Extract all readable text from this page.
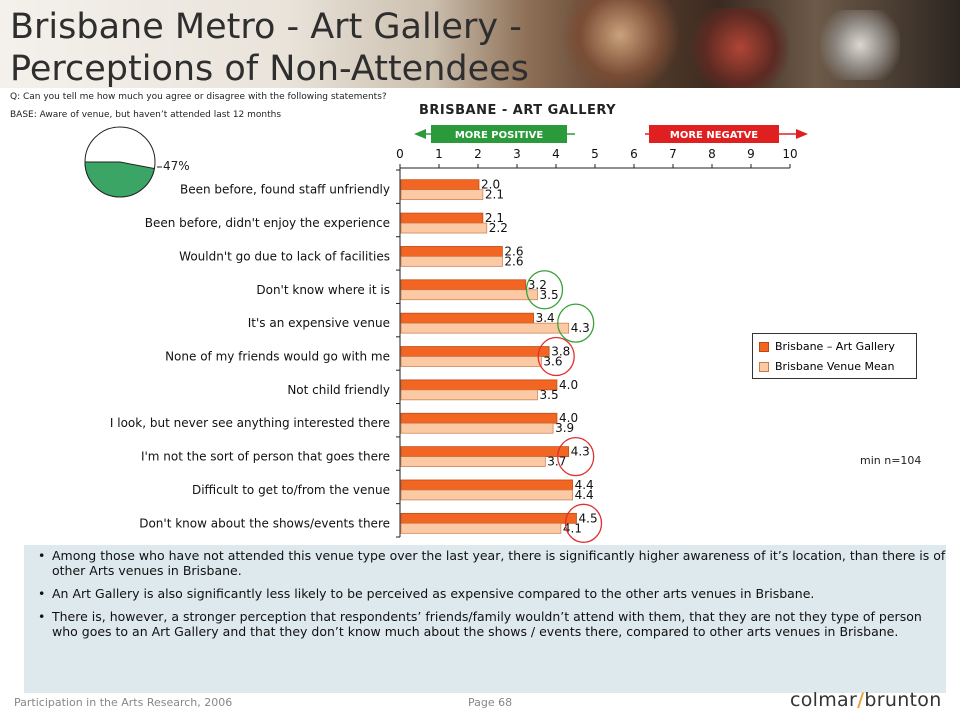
Brisbane Metro - Art Gallery - Perceptions of Non-Attendees
Q: Can you tell me how much you agree or disagree with the following statements?
BASE: Aware of venue, but haven’t attended last 12 months	BRISBANE - ART GALLERY
47%
min n=104
MORE POSITIVE	MORE NEGATVE
0	1	2	3	4	5	6	7	8	9 10
Been before, found staff unfriendly	2.0
2.1
Been before, didn't enjoy the experience	2.1
2.2
Wouldn't go due to lack of facilities	2.6
2.6
Don't know where it is	3.2
3.5
It's an expensive venue	3.4
4.3
None of my friends would go with me	3.8
3.6
Not child friendly	4.0
3.5
I look, but never see anything interested there	4.0
3.9
I'm not the sort of person that goes there	4.3
3.7
Difficult to get to/from the venue	4.4
4.4
Don't know about the shows/events there	4.5
4.1
Brisbane – Art Gallery
Brisbane Venue Mean
• Among those who have not attended this venue type over the last year, there is significantly higher awareness of it’s location, than there is of other Arts venues in Brisbane.
• An Art Gallery is also significantly less likely to be perceived as expensive compared to the other arts venues in Brisbane.
• There is, however, a stronger perception that respondents’ friends/family wouldn’t attend with them, that they are not they type of person who goes to an Art Gallery and that they don’t know much about the shows / events there, compared to other arts venues in Brisbane.
Participation in the Arts Research, 2006	Page 68	colmar/brunton
